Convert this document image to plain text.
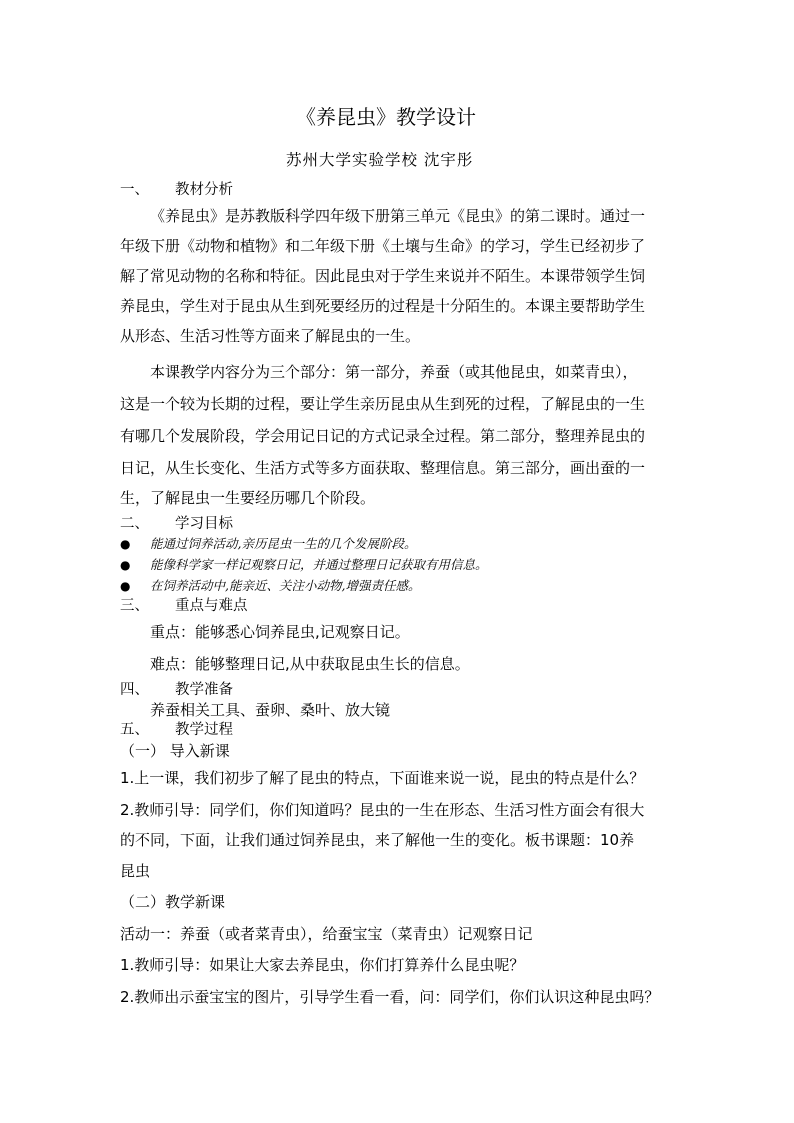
《养昆虫》教学设计
苏州大学实验学校 沈宇彤
一、 教材分析
《养昆虫》是苏教版科学四年级下册第三单元《昆虫》的第二课时。通过一
年级下册《动物和植物》和二年级下册《土壤与生命》的学习，学生已经初步了
解了常见动物的名称和特征。因此昆虫对于学生来说并不陌生。本课带领学生饲
养昆虫，学生对于昆虫从生到死要经历的过程是十分陌生的。本课主要帮助学生
从形态、生活习性等方面来了解昆虫的一生。
本课教学内容分为三个部分：第一部分，养蚕（或其他昆虫，如菜青虫），
这是一个较为长期的过程，要让学生亲历昆虫从生到死的过程，了解昆虫的一生
有哪几个发展阶段，学会用记日记的方式记录全过程。第二部分，整理养昆虫的
日记，从生长变化、生活方式等多方面获取、整理信息。第三部分，画出蚕的一
生，了解昆虫一生要经历哪几个阶段。
二、 学习目标
● 能通过饲养活动,亲历昆虫一生的几个发展阶段。
● 能像科学家一样记观察日记，并通过整理日记获取有用信息。
● 在饲养活动中,能亲近、关注小动物,增强责任感。
三、 重点与难点
重点：能够悉心饲养昆虫,记观察日记。
难点：能够整理日记,从中获取昆虫生长的信息。
四、 教学准备
养蚕相关工具、蚕卵、桑叶、放大镜
五、 教学过程
（一） 导入新课
1.上一课，我们初步了解了昆虫的特点，下面谁来说一说，昆虫的特点是什么？
2.教师引导：同学们，你们知道吗？昆虫的一生在形态、生活习性方面会有很大
的不同，下面，让我们通过饲养昆虫，来了解他一生的变化。板书课题：10养
昆虫
（二）教学新课
活动一：养蚕（或者菜青虫），给蚕宝宝（菜青虫）记观察日记
1.教师引导：如果让大家去养昆虫，你们打算养什么昆虫呢？
2.教师出示蚕宝宝的图片，引导学生看一看，问：同学们，你们认识这种昆虫吗？
